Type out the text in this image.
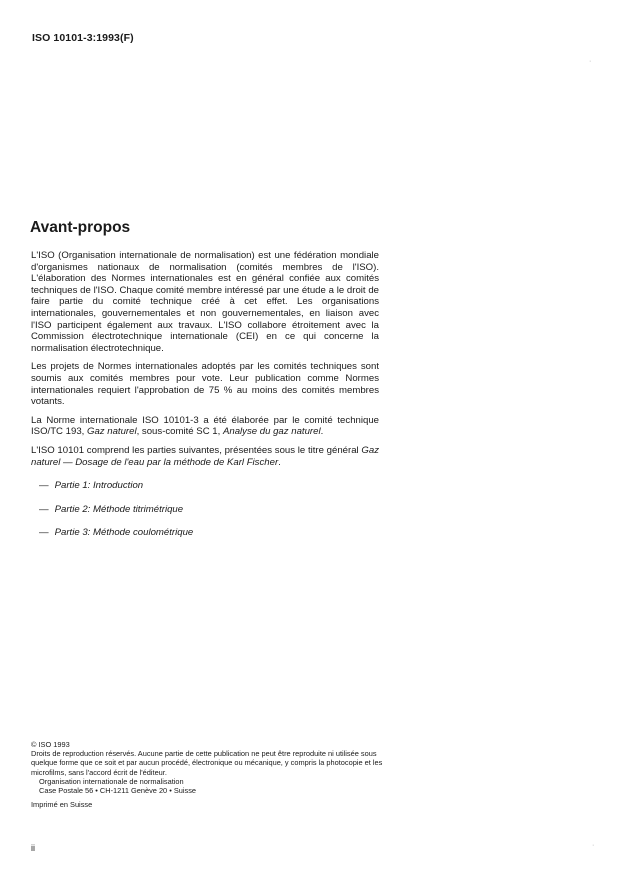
ISO 10101-3:1993(F)
Avant-propos

L'ISO (Organisation internationale de normalisation) est une fédération mondiale d'organismes nationaux de normalisation (comités membres de l'ISO). L'élaboration des Normes internationales est en général confiée aux comités techniques de l'ISO. Chaque comité membre intéressé par une étude a le droit de faire partie du comité technique créé à cet effet. Les organisations internationales, gouvernementales et non gouvernementales, en liaison avec l'ISO participent également aux travaux. L'ISO collabore étroitement avec la Commission électrotechnique internationale (CEI) en ce qui concerne la normalisation électrotechnique.

Les projets de Normes internationales adoptés par les comités techniques sont soumis aux comités membres pour vote. Leur publication comme Normes internationales requiert l'approbation de 75 % au moins des comités membres votants.

La Norme internationale ISO 10101-3 a été élaborée par le comité technique ISO/TC 193, Gaz naturel, sous-comité SC 1, Analyse du gaz naturel.

L'ISO 10101 comprend les parties suivantes, présentées sous le titre général Gaz naturel — Dosage de l'eau par la méthode de Karl Fischer.

— Partie 1: Introduction
— Partie 2: Méthode titrimétrique
— Partie 3: Méthode coulométrique

© ISO 1993

Droits de reproduction réservés. Aucune partie de cette publication ne peut être reproduite ni utilisée sous quelque forme que ce soit et par aucun procédé, électronique ou mécanique, y compris la photocopie et les microfilms, sans l'accord écrit de l'éditeur.

Organisation internationale de normalisation

Case Postale 56 • CH-1211 Genève 20 • Suisse

Imprimé en Suisse

ii
·
·
